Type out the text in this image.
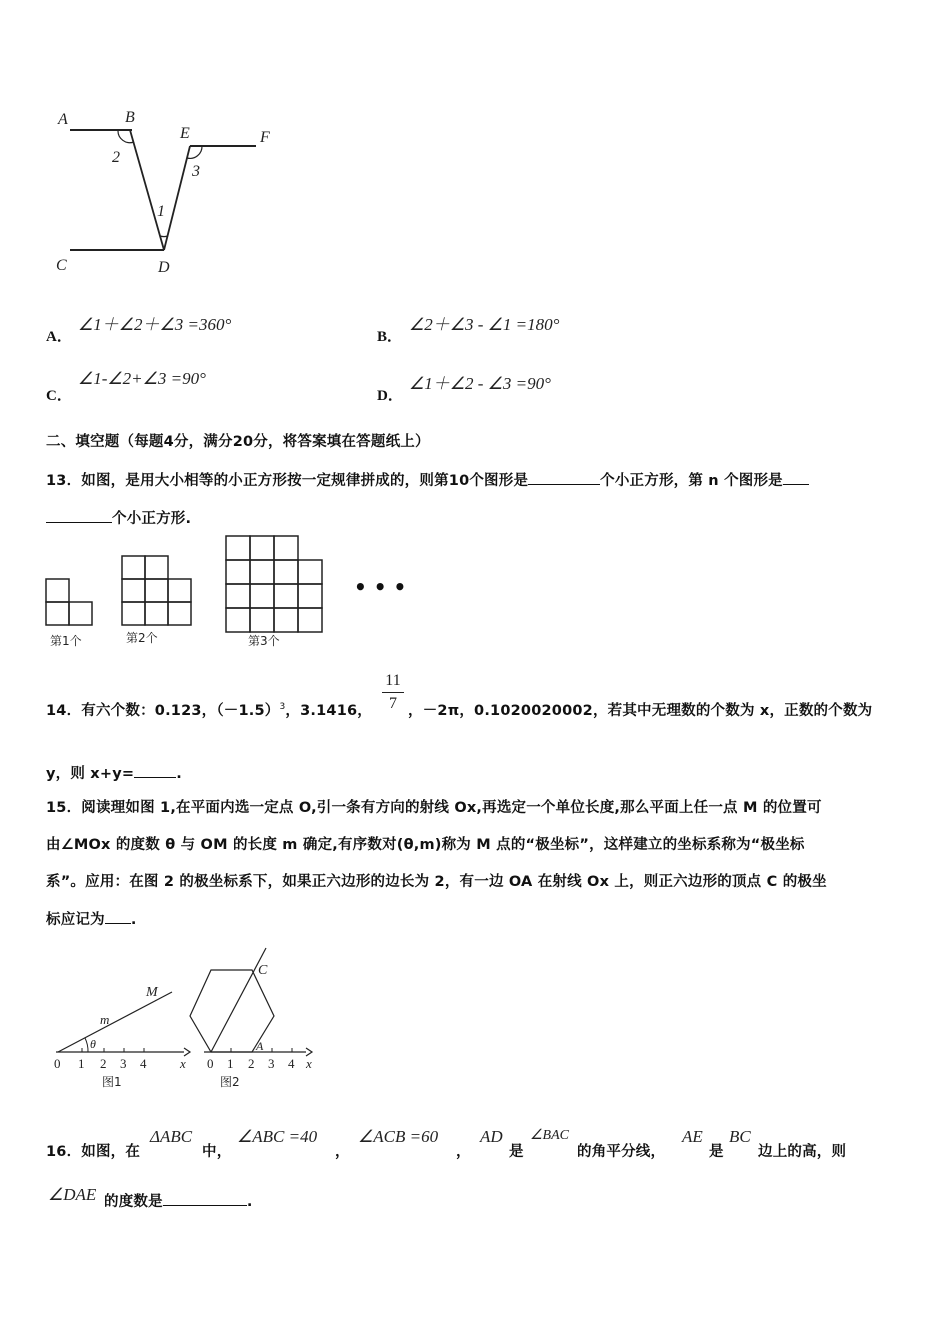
A	B
E	F
C	D
1
2
3
A．
∠1＋∠2＋∠3 =360°
B．
∠2＋∠3 - ∠1 =180°
C．
∠1-∠2+∠3 =90°
D．
∠1＋∠2 - ∠3 =90°
二、填空题（每题4分，满分20分，将答案填在答题纸上）
13．如图，是用大小相等的小正方形按一定规律拼成的，则第10个图形是	个小正方形，第 n 个图形是
个小正方形.
• • •
第1个	第2个	第3个
14．有六个数：0.123，$(-1.5)^3$，3.1416，
11
7 ，－2π，0.1020020002，若其中无理数的个数为 x，正数的个数为
y，则 x+y=	.
15．阅读理如图 1,在平面内选一定点 O,引一条有方向的射线 Ox,再选定一个单位长度,那么平面上任一点 M 的位置可
由∠MOx 的度数 θ 与 OM 的长度 m 确定,有序数对(θ,m)称为 M 点的“极坐标”，这样建立的坐标系称为“极坐标
系”。应用：在图 2 的极坐标系下，如果正六边形的边长为 2，有一边 OA 在射线 Ox 上，则正六边形的顶点 C 的极坐
标应记为 .
0 1 2 3 4	x
M
m
θ
图1
0 1 2 3 4 x
A
C
图2
16．如图，在
ΔABC
中，
∠ABC =40
，
∠ACB =60
，
AD
是
∠BAC
的角平分线，
AE
是
BC
边上的高，则
∠DAE 的度数是	.
